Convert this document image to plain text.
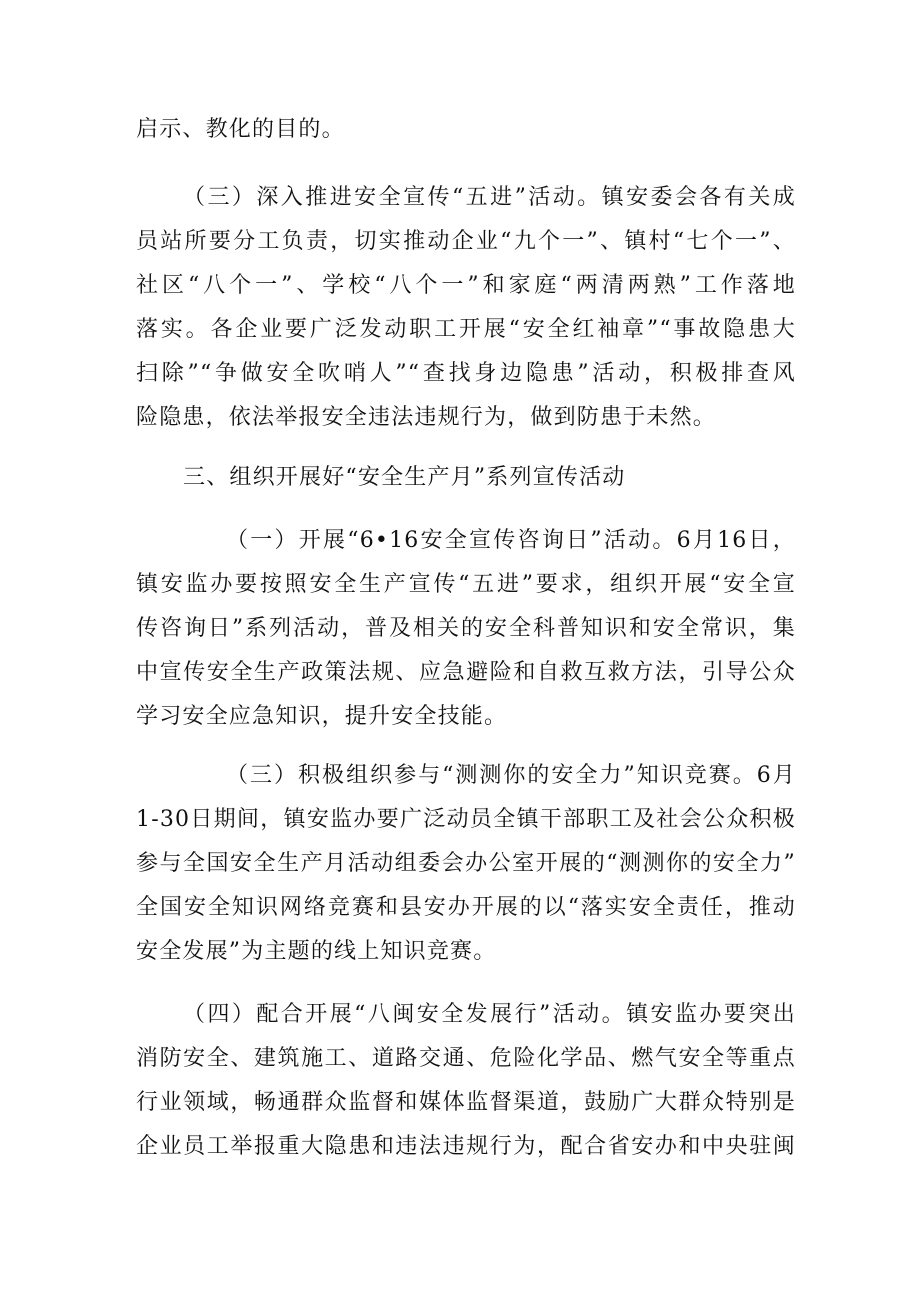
启示、教化的目的。
（三）深入推进安全宣传“五进”活动。镇安委会各有关成
员站所要分工负责，切实推动企业“九个一”、镇村“七个一”、
社区“八个一”、学校“八个一”和家庭“两清两熟”工作落地
落实。各企业要广泛发动职工开展“安全红袖章”“事故隐患大
扫除”“争做安全吹哨人”“查找身边隐患”活动，积极排查风
险隐患，依法举报安全违法违规行为，做到防患于未然。
三、组织开展好“安全生产月”系列宣传活动
（一）开展“6•16安全宣传咨询日”活动。6月16日，
镇安监办要按照安全生产宣传“五进”要求，组织开展“安全宣
传咨询日”系列活动，普及相关的安全科普知识和安全常识，集
中宣传安全生产政策法规、应急避险和自救互救方法，引导公众
学习安全应急知识，提升安全技能。
（三）积极组织参与“测测你的安全力”知识竞赛。6月
1-30日期间，镇安监办要广泛动员全镇干部职工及社会公众积极
参与全国安全生产月活动组委会办公室开展的“测测你的安全力”
全国安全知识网络竞赛和县安办开展的以“落实安全责任，推动
安全发展”为主题的线上知识竞赛。
（四）配合开展“八闽安全发展行”活动。镇安监办要突出
消防安全、建筑施工、道路交通、危险化学品、燃气安全等重点
行业领域，畅通群众监督和媒体监督渠道，鼓励广大群众特别是
企业员工举报重大隐患和违法违规行为，配合省安办和中央驻闽
